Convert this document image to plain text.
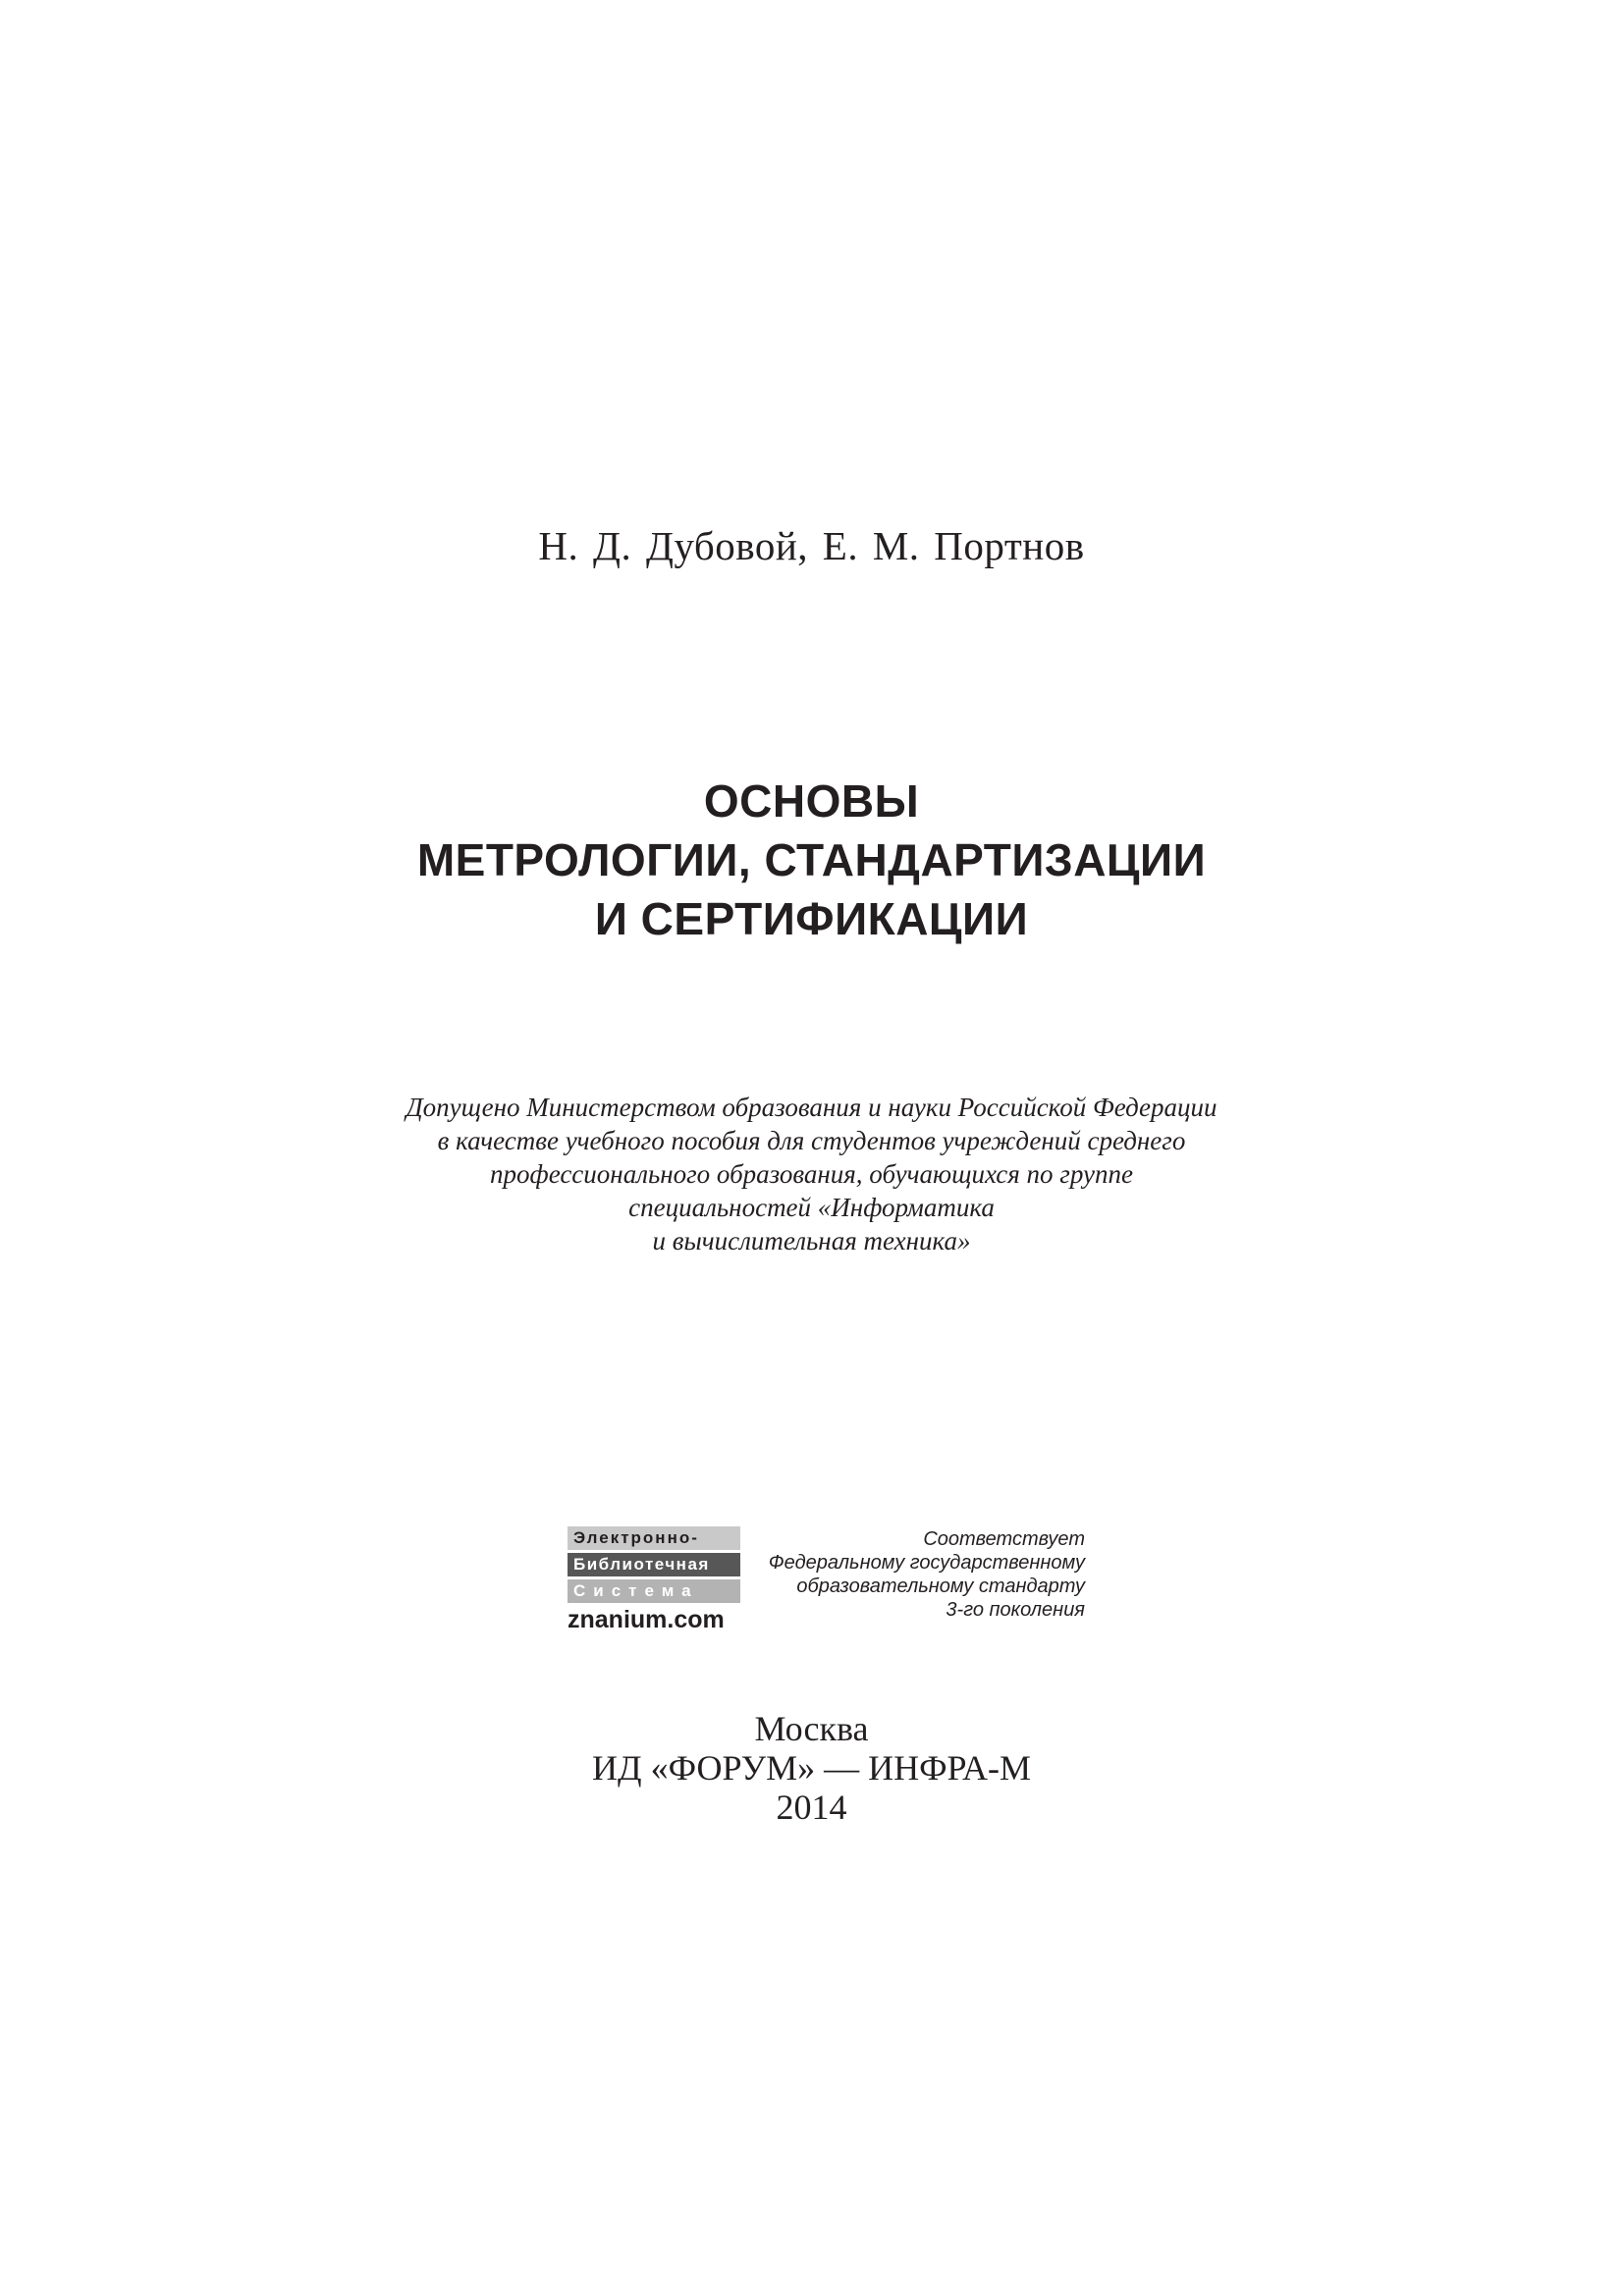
Н. Д. Дубовой, Е. М. Портнов
ОСНОВЫ
МЕТРОЛОГИИ, СТАНДАРТИЗАЦИИ
И СЕРТИФИКАЦИИ
Допущено Министерством образования и науки Российской Федерации
в качестве учебного пособия для студентов учреждений среднего
профессионального образования, обучающихся по группе
специальностей «Информатика
и вычислительная техника»
Электронно-
Библиотечная
Система
znanium.com
Соответствует
Федеральному государственному
образовательному стандарту
3-го поколения
Москва
ИД «ФОРУМ» — ИНФРА-М
2014
